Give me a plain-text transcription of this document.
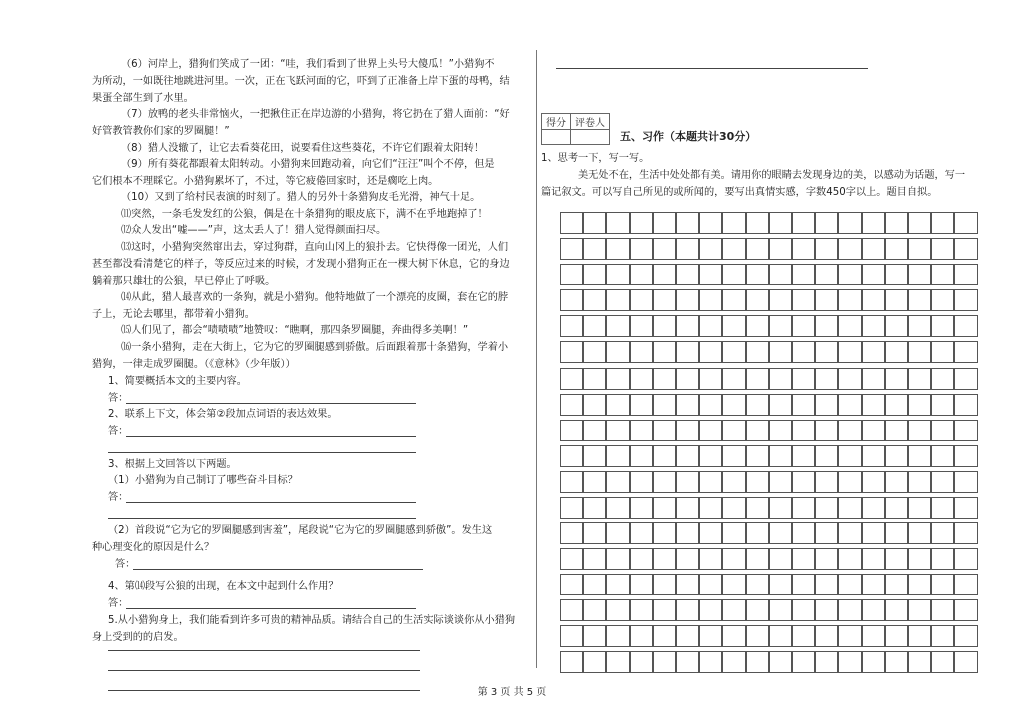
（6）河岸上，猎狗们笑成了一团：“哇，我们看到了世界上头号大傻瓜！”小猎狗不
为所动，一如既往地跳进河里。一次，正在飞跃河面的它，吓到了正准备上岸下蛋的母鸭，结
果蛋全部生到了水里。
（7）放鸭的老头非常恼火，一把揪住正在岸边游的小猎狗，将它扔在了猎人面前：“好
好管教管教你们家的罗圈腿！”
（8）猎人没辙了，让它去看葵花田，说要看住这些葵花，不许它们跟着太阳转！
（9）所有葵花都跟着太阳转动。小猎狗来回跑动着，向它们“汪汪”叫个不停，但是
它们根本不理睬它。小猎狗累坏了，不过，等它疲倦回家时，还是瘸吃上肉。
（10）又到了给村民表演的时刻了。猎人的另外十条猎狗皮毛光滑，神气十足。
⑾突然，一条毛发发红的公狼，偶是在十条猎狗的眼皮底下，满不在乎地跑掉了！
⑿众人发出“嘘——”声，这太丢人了！猎人觉得颜面扫尽。
⒀这时，小猎狗突然窜出去，穿过狗群，直向山冈上的狼扑去。它快得像一团光，人们
甚至都没看清楚它的样子，等反应过来的时候，才发现小猎狗正在一棵大树下休息，它的身边
躺着那只雄壮的公狼，早已停止了呼吸。
⒁从此，猎人最喜欢的一条狗，就是小猎狗。他特地做了一个漂亮的皮圈，套在它的脖
子上，无论去哪里，都带着小猎狗。
⒂人们见了，都会“啧啧啧”地赞叹：“瞧啊，那四条罗圈腿，奔曲得多美啊！”
⒃一条小猎狗，走在大街上，它为它的罗圈腿感到骄傲。后面跟着那十条猎狗，学着小
猎狗，一律走成罗圈腿。（《意林》（少年版））
1、简要概括本文的主要内容。
答：
2、联系上下文，体会第②段加点词语的表达效果。
答：
3、根据上文回答以下两题。
（1）小猎狗为自己制订了哪些奋斗目标？
答：
（2）首段说“它为它的罗圈腿感到害羞”，尾段说“它为它的罗圈腿感到骄傲”。发生这
种心理变化的原因是什么？
答：
4、第⒁段写公狼的出现，在本文中起到什么作用？
答：
5.从小猎狗身上，我们能看到许多可贵的精神品质。请结合自己的生活实际谈谈你从小猎狗
身上受到的的启发。
得分	评卷人

五、习作（本题共计30分）
1、思考一下，写一写。
美无处不在，生活中处处都有美。请用你的眼睛去发现身边的美，以感动为话题，写一
篇记叙文。可以写自己所见的或所闻的，要写出真情实感，字数450字以上。题目自拟。
第 3 页 共 5 页
